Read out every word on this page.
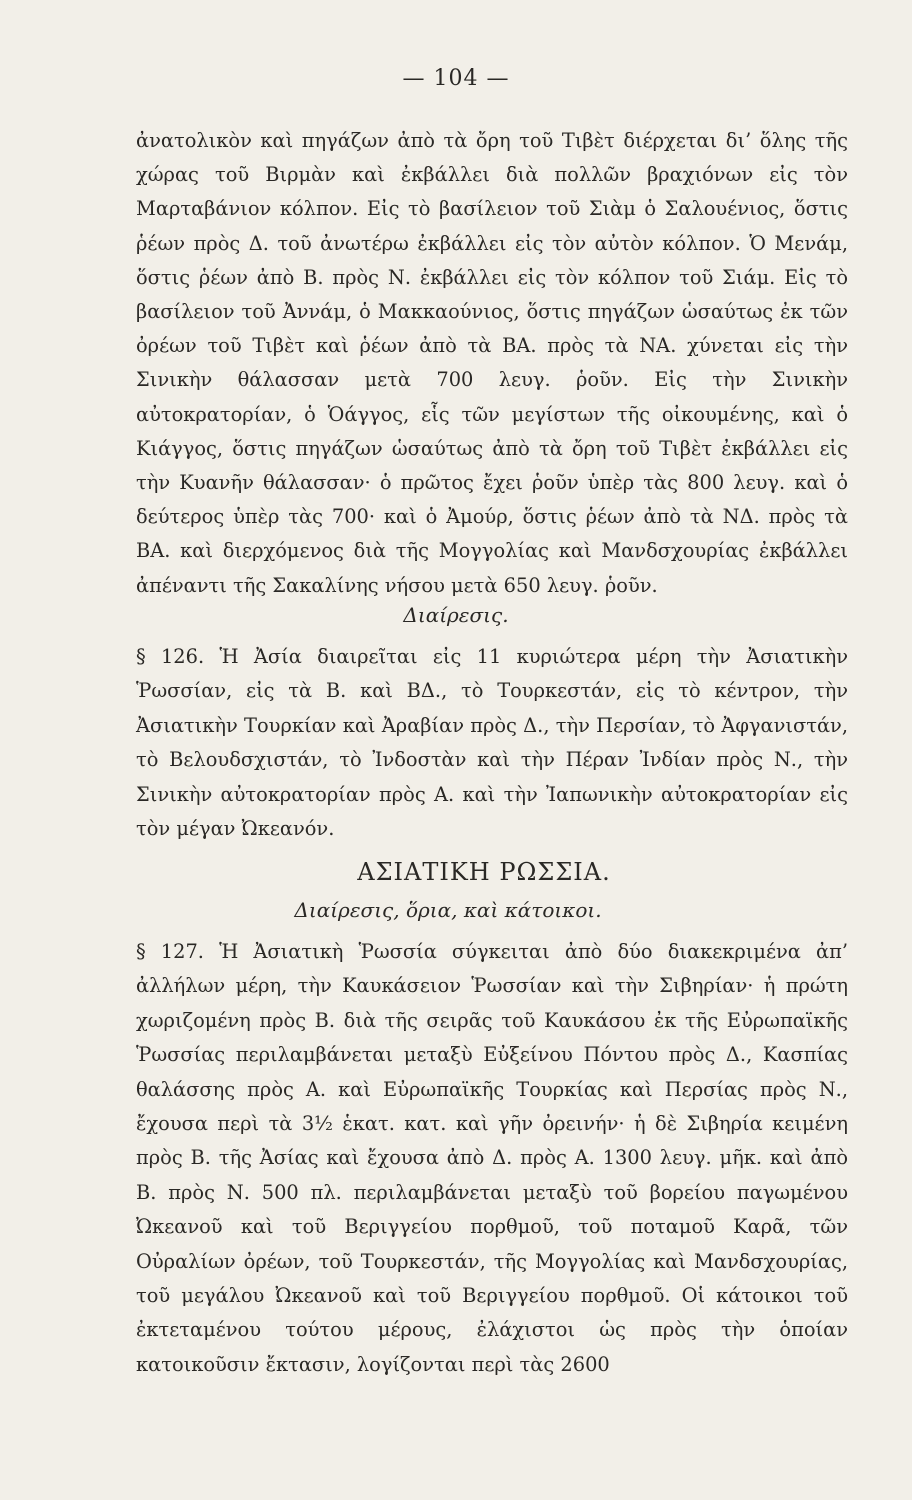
— 104 —

ἀνατολικὸν καὶ πηγάζων ἀπὸ τὰ ὄρη τοῦ Τιβὲτ διέρχεται δι’ ὅλης τῆς χώρας τοῦ Βιρμὰν καὶ ἐκβάλλει διὰ πολλῶν βραχιόνων εἰς τὸν Μαρταβάνιον κόλπον. Εἰς τὸ βασίλειον τοῦ Σιὰμ ὁ Σαλουένιος, ὅστις ῥέων πρὸς Δ. τοῦ ἀνωτέρω ἐκβάλλει εἰς τὸν αὐτὸν κόλπον. Ὁ Μενάμ, ὅστις ῥέων ἀπὸ Β. πρὸς Ν. ἐκβάλλει εἰς τὸν κόλπον τοῦ Σιάμ. Εἰς τὸ βασίλειον τοῦ Ἀννάμ, ὁ Μακκαούνιος, ὅστις πηγάζων ὡσαύτως ἐκ τῶν ὀρέων τοῦ Τιβὲτ καὶ ῥέων ἀπὸ τὰ ΒΑ. πρὸς τὰ ΝΑ. χύνεται εἰς τὴν Σινικὴν θάλασσαν μετὰ 700 λευγ. ῥοῦν. Εἰς τὴν Σινικὴν αὐτοκρατορίαν, ὁ Ὁάγγος, εἷς τῶν μεγίστων τῆς οἰκουμένης, καὶ ὁ Κιάγγος, ὅστις πηγάζων ὡσαύτως ἀπὸ τὰ ὄρη τοῦ Τιβὲτ ἐκβάλλει εἰς τὴν Κυανῆν θάλασσαν· ὁ πρῶτος ἔχει ῥοῦν ὑπὲρ τὰς 800 λευγ. καὶ ὁ δεύτερος ὑπὲρ τὰς 700· καὶ ὁ Ἀμούρ, ὅστις ῥέων ἀπὸ τὰ ΝΔ. πρὸς τὰ ΒΑ. καὶ διερχόμενος διὰ τῆς Μογγολίας καὶ Μανδσχουρίας ἐκβάλλει ἀπέναντι τῆς Σακαλίνης νήσου μετὰ 650 λευγ. ῥοῦν.

Διαίρεσις.

§ 126. Ἡ Ἀσία διαιρεῖται εἰς 11 κυριώτερα μέρη τὴν Ἀσιατικὴν Ῥωσσίαν, εἰς τὰ Β. καὶ ΒΔ., τὸ Τουρκεστάν, εἰς τὸ κέντρον, τὴν Ἀσιατικὴν Τουρκίαν καὶ Ἀραβίαν πρὸς Δ., τὴν Περσίαν, τὸ Ἀφγανιστάν, τὸ Βελουδσχιστάν, τὸ Ἰνδοστὰν καὶ τὴν Πέραν Ἰνδίαν πρὸς Ν., τὴν Σινικὴν αὐτοκρατορίαν πρὸς Α. καὶ τὴν Ἰαπωνικὴν αὐτοκρατορίαν εἰς τὸν μέγαν Ὠκεανόν.

ΑΣΙΑΤΙΚΗ ΡΩΣΣΙΑ.
Διαίρεσις, ὅρια, καὶ κάτοικοι.

§ 127. Ἡ Ἀσιατικὴ Ῥωσσία σύγκειται ἀπὸ δύο διακεκριμένα ἀπ’ ἀλλήλων μέρη, τὴν Καυκάσειον Ῥωσσίαν καὶ τὴν Σιβηρίαν· ἡ πρώτη χωριζομένη πρὸς Β. διὰ τῆς σειρᾶς τοῦ Καυκάσου ἐκ τῆς Εὐρωπαϊκῆς Ῥωσσίας περιλαμβάνεται μεταξὺ Εὐξείνου Πόντου πρὸς Δ., Κασπίας θαλάσσης πρὸς Α. καὶ Εὐρωπαϊκῆς Τουρκίας καὶ Περσίας πρὸς Ν., ἔχουσα περὶ τὰ 3½ ἑκατ. κατ. καὶ γῆν ὀρεινήν· ἡ δὲ Σιβηρία κειμένη πρὸς Β. τῆς Ἀσίας καὶ ἔχουσα ἀπὸ Δ. πρὸς Α. 1300 λευγ. μῆκ. καὶ ἀπὸ Β. πρὸς Ν. 500 πλ. περιλαμβάνεται μεταξὺ τοῦ βορείου παγωμένου Ὠκεανοῦ καὶ τοῦ Βεριγγείου πορθμοῦ, τοῦ ποταμοῦ Καρᾶ, τῶν Οὐραλίων ὀρέων, τοῦ Τουρκεστάν, τῆς Μογγολίας καὶ Μανδσχουρίας, τοῦ μεγάλου Ὠκεανοῦ καὶ τοῦ Βεριγγείου πορθμοῦ. Οἱ κάτοικοι τοῦ ἐκτεταμένου τούτου μέρους, ἐλάχιστοι ὡς πρὸς τὴν ὁποίαν κατοικοῦσιν ἔκτασιν, λογίζονται περὶ τὰς 2600
